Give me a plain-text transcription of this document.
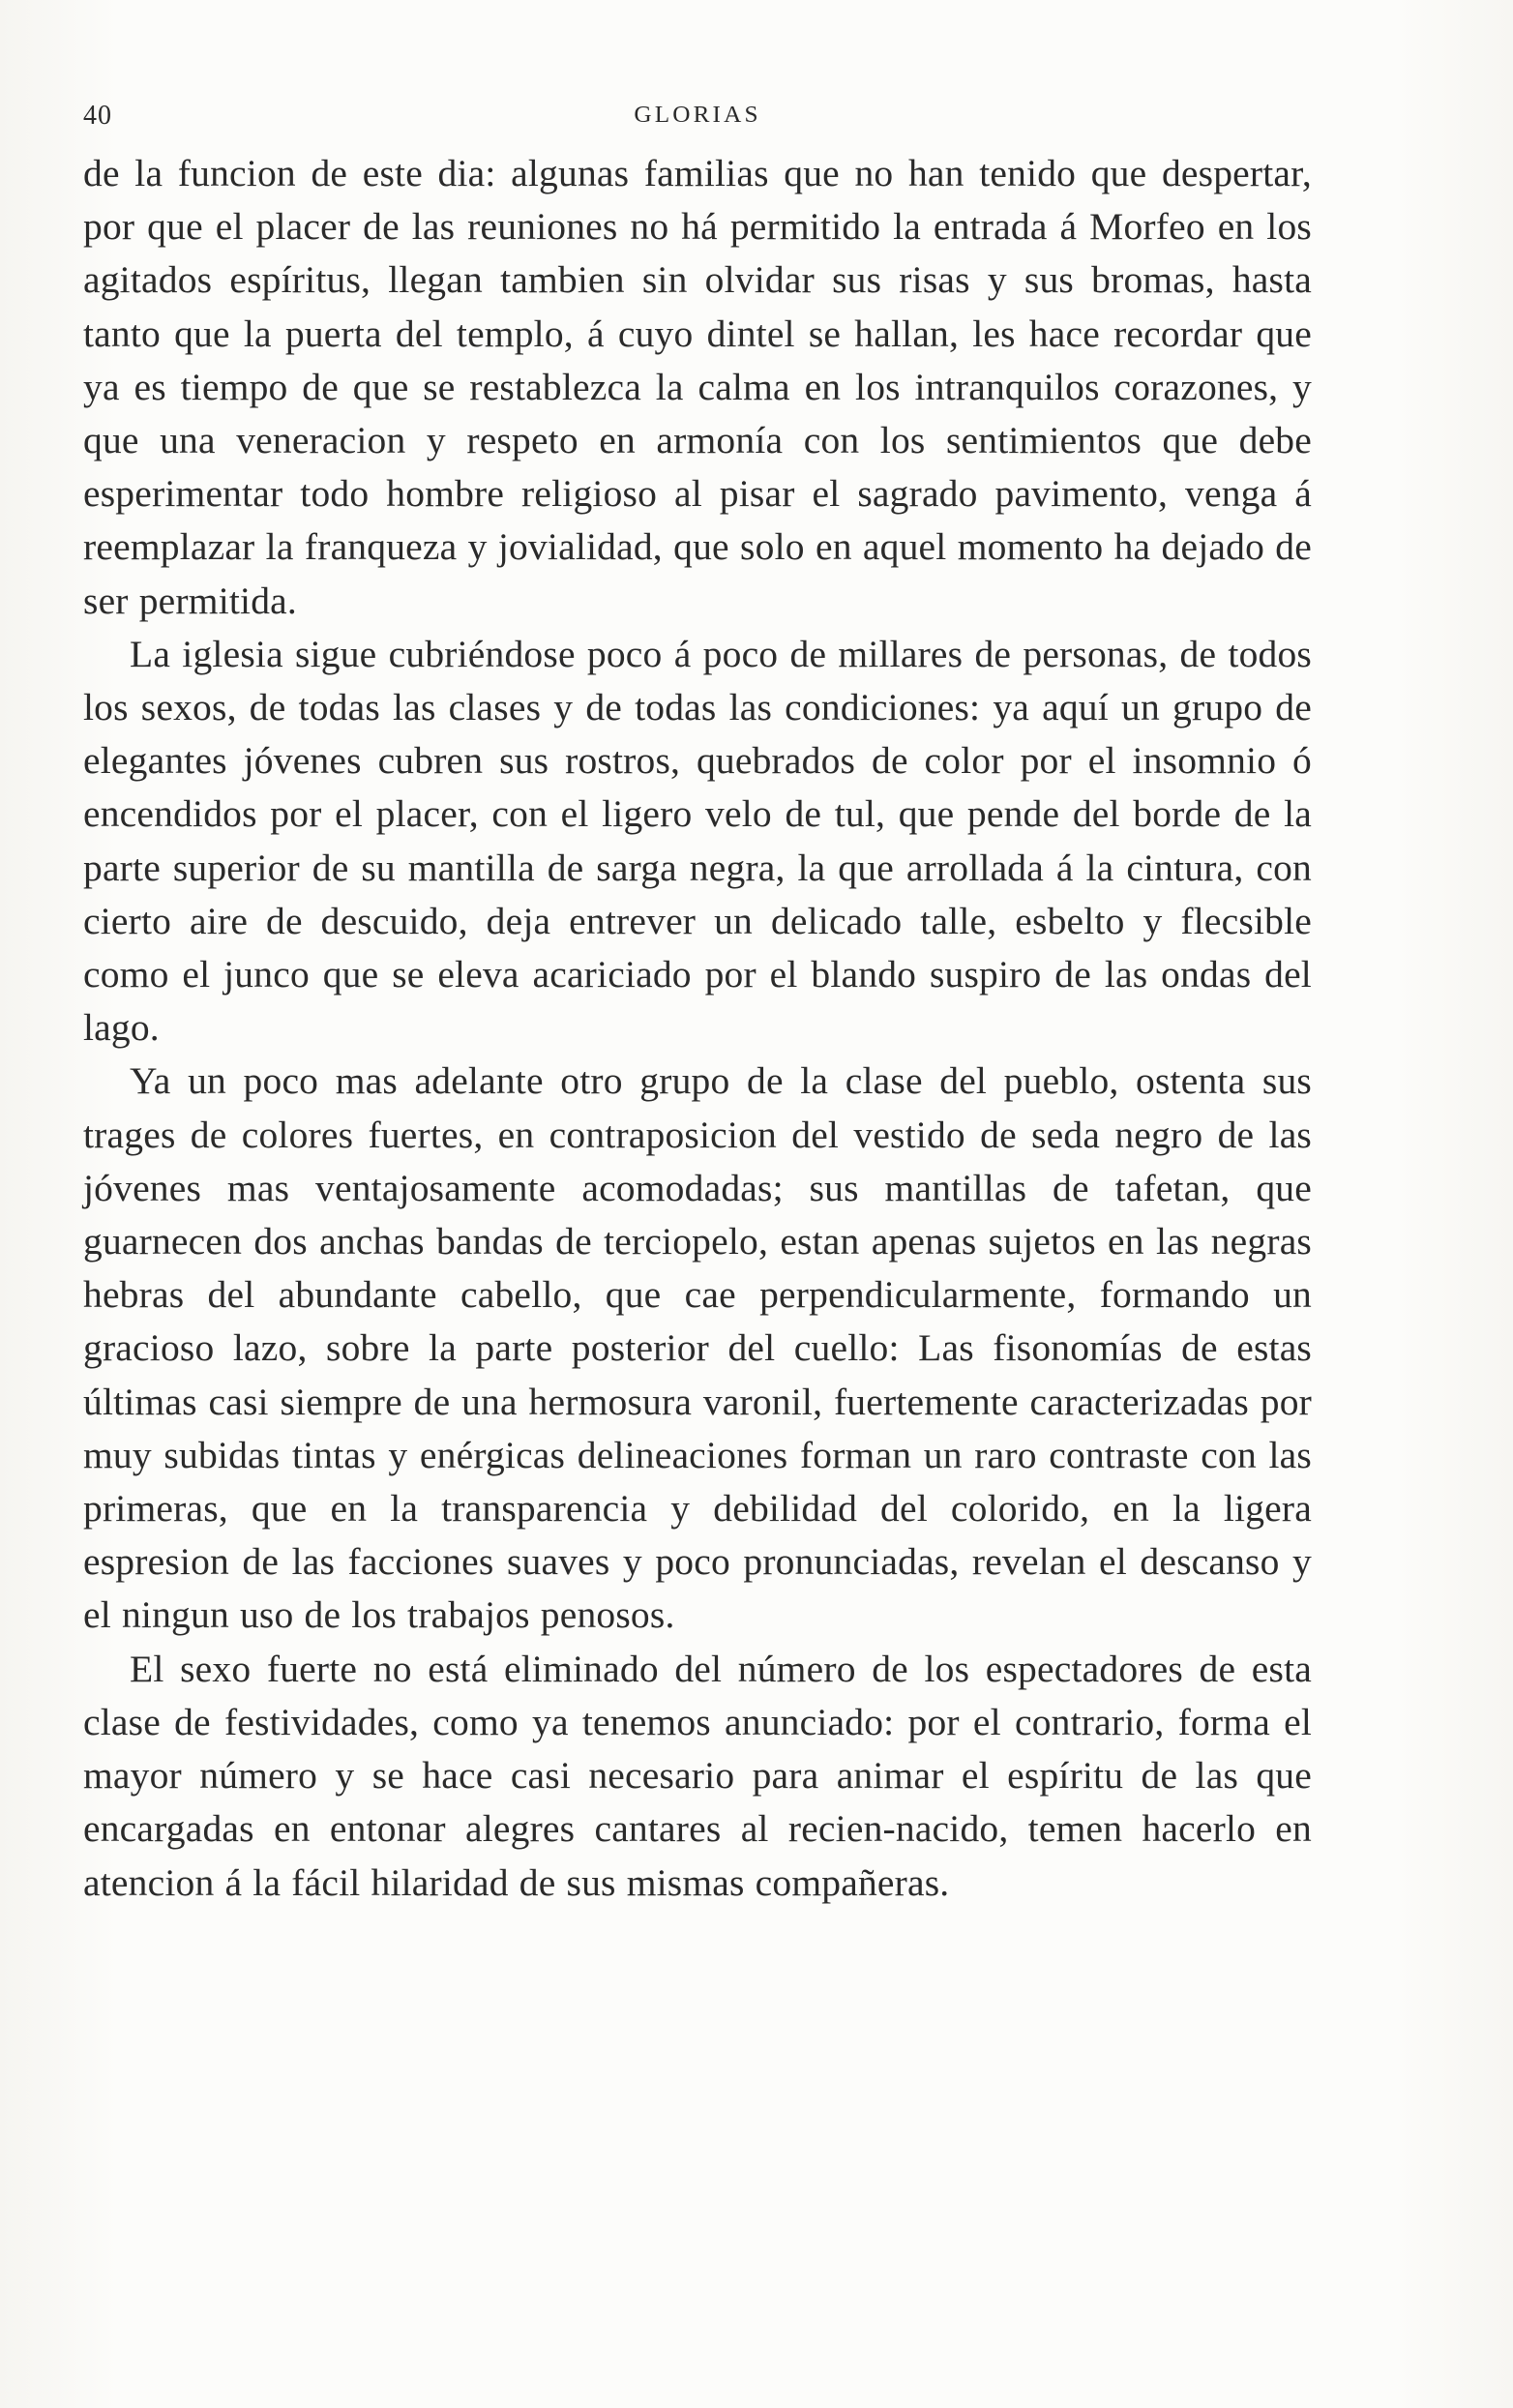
40	GLORIAS

de la funcion de este dia: algunas familias que no han tenido que despertar, por que el placer de las reuniones no há permitido la entrada á Morfeo en los agitados espíritus, llegan tambien sin olvidar sus risas y sus bromas, hasta tanto que la puerta del templo, á cuyo dintel se hallan, les hace recordar que ya es tiempo de que se restablezca la calma en los intranquilos corazones, y que una veneracion y respeto en armonía con los sentimientos que debe esperimentar todo hombre religioso al pisar el sagrado pavimento, venga á reemplazar la franqueza y jovialidad, que solo en aquel momento ha dejado de ser permitida.

La iglesia sigue cubriéndose poco á poco de millares de personas, de todos los sexos, de todas las clases y de todas las condiciones: ya aquí un grupo de elegantes jóvenes cubren sus rostros, quebrados de color por el insomnio ó encendidos por el placer, con el ligero velo de tul, que pende del borde de la parte superior de su mantilla de sarga negra, la que arrollada á la cintura, con cierto aire de descuido, deja entrever un delicado talle, esbelto y flecsible como el junco que se eleva acariciado por el blando suspiro de las ondas del lago.

Ya un poco mas adelante otro grupo de la clase del pueblo, ostenta sus trages de colores fuertes, en contraposicion del vestido de seda negro de las jóvenes mas ventajosamente acomodadas; sus mantillas de tafetan, que guarnecen dos anchas bandas de terciopelo, estan apenas sujetos en las negras hebras del abundante cabello, que cae perpendicularmente, formando un gracioso lazo, sobre la parte posterior del cuello: Las fisonomías de estas últimas casi siempre de una hermosura varonil, fuertemente caracterizadas por muy subidas tintas y enérgicas delineaciones forman un raro contraste con las primeras, que en la transparencia y debilidad del colorido, en la ligera espresion de las facciones suaves y poco pronunciadas, revelan el descanso y el ningun uso de los trabajos penosos.

El sexo fuerte no está eliminado del número de los espectadores de esta clase de festividades, como ya tenemos anunciado: por el contrario, forma el mayor número y se hace casi necesario para animar el espíritu de las que encargadas en entonar alegres cantares al recien-nacido, temen hacerlo en atencion á la fácil hilaridad de sus mismas compañeras.
